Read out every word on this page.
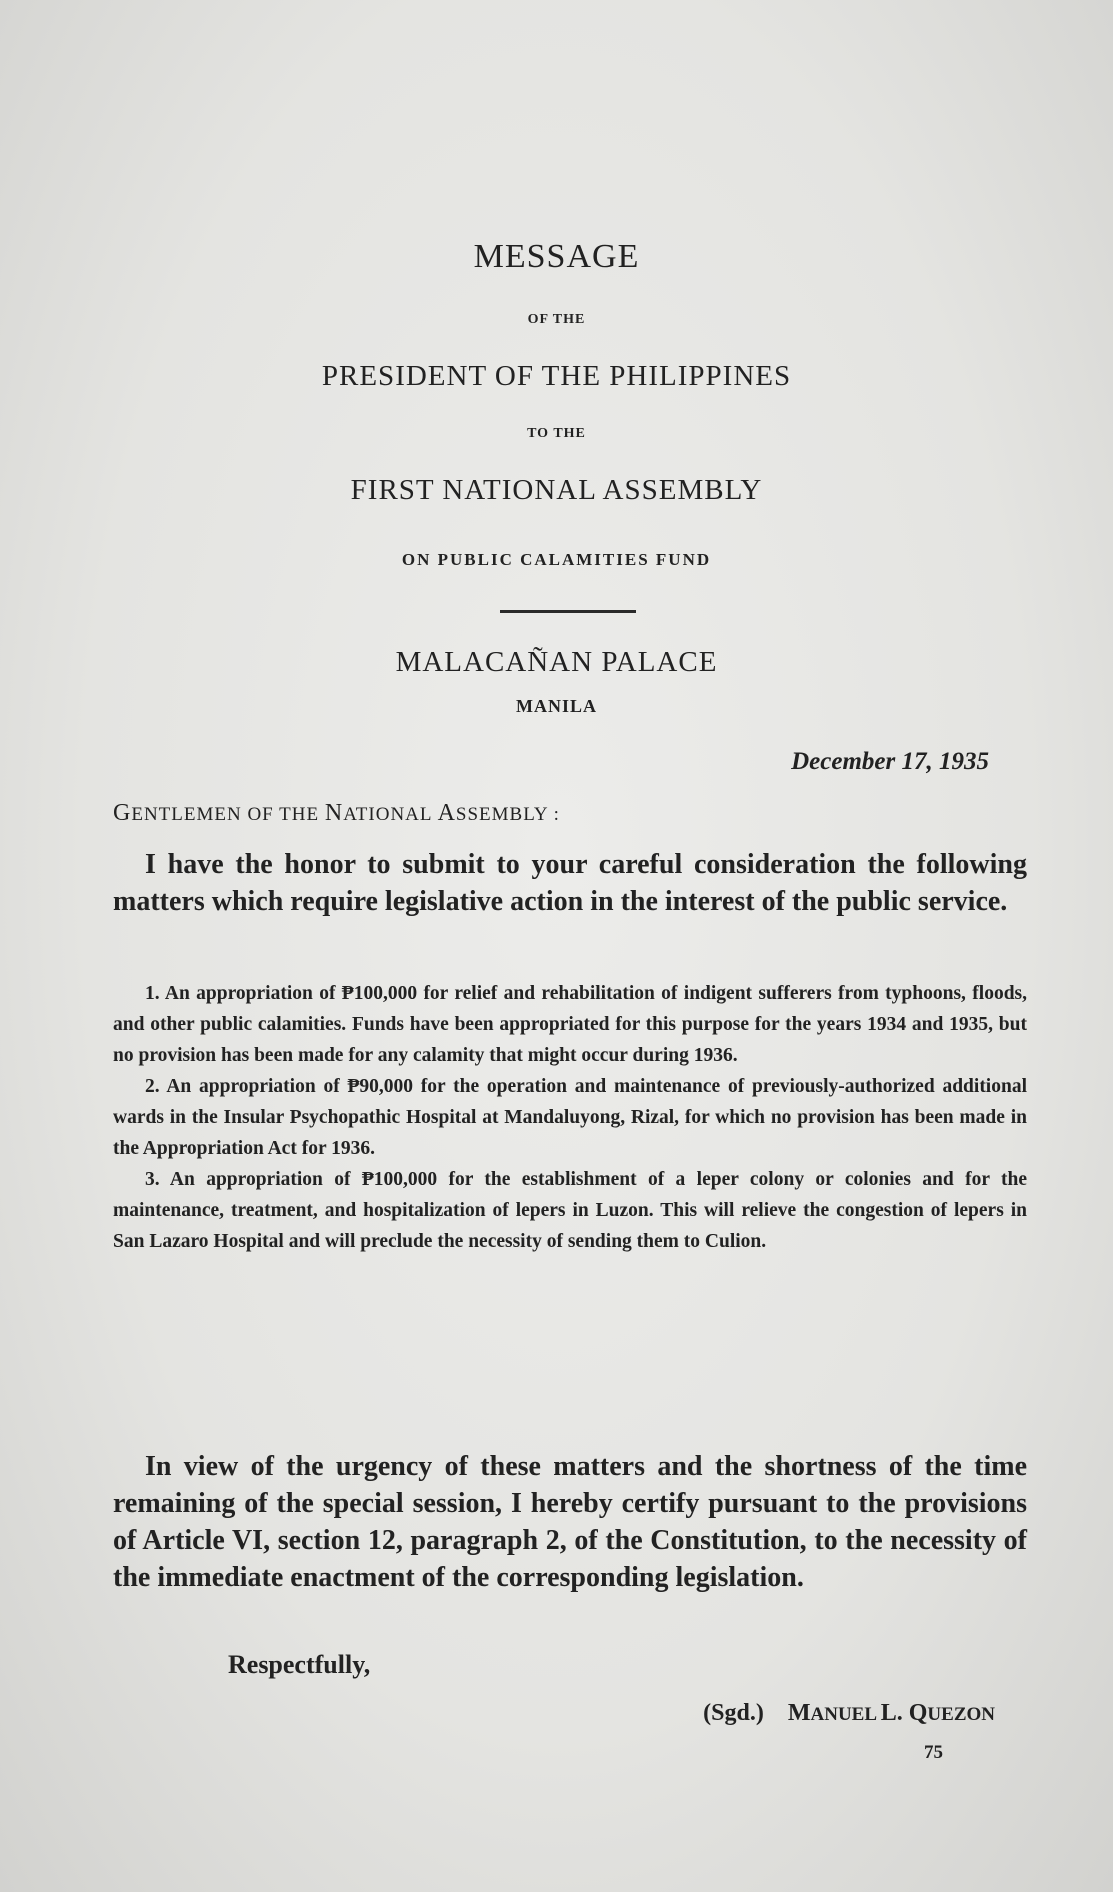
MESSAGE
OF THE
PRESIDENT OF THE PHILIPPINES
TO THE
FIRST NATIONAL ASSEMBLY
ON PUBLIC CALAMITIES FUND
MALACAÑAN PALACE
MANILA
December 17, 1935
GENTLEMEN OF THE NATIONAL ASSEMBLY :

I have the honor to submit to your careful consideration the following matters which require legislative action in the interest of the public service.

1. An appropriation of ₱100,000 for relief and rehabilitation of indigent sufferers from typhoons, floods, and other public calamities. Funds have been appropriated for this purpose for the years 1934 and 1935, but no provision has been made for any calamity that might occur during 1936.

2. An appropriation of ₱90,000 for the operation and maintenance of previously-authorized additional wards in the Insular Psychopathic Hospital at Mandaluyong, Rizal, for which no provision has been made in the Appropriation Act for 1936.

3. An appropriation of ₱100,000 for the establishment of a leper colony or colonies and for the maintenance, treatment, and hospitalization of lepers in Luzon. This will relieve the congestion of lepers in San Lazaro Hospital and will preclude the necessity of sending them to Culion.

In view of the urgency of these matters and the shortness of the time remaining of the special session, I hereby certify pursuant to the provisions of Article VI, section 12, paragraph 2, of the Constitution, to the necessity of the immediate enactment of the corresponding legislation.

Respectfully,
(Sgd.) MANUEL L. QUEZON
75
